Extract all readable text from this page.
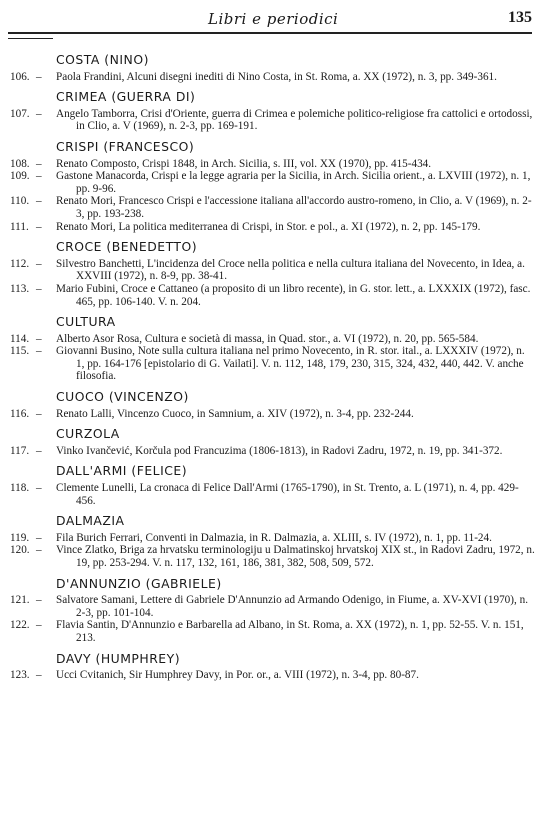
Libri e periodici	135
COSTA (NINO)
106. –	Paola Frandini, Alcuni disegni inediti di Nino Costa, in St. Roma, a. XX (1972), n. 3, pp. 349-361.
CRIMEA (GUERRA DI)
107. –	Angelo Tamborra, Crisi d'Oriente, guerra di Crimea e polemiche politico-religiose fra cattolici e ortodossi, in Clio, a. V (1969), n. 2-3, pp. 169-191.
CRISPI (FRANCESCO)
108. –	Renato Composto, Crispi 1848, in Arch. Sicilia, s. III, vol. XX (1970), pp. 415-434.
109. –	Gastone Manacorda, Crispi e la legge agraria per la Sicilia, in Arch. Sicilia orient., a. LXVIII (1972), n. 1, pp. 9-96.
110. –	Renato Mori, Francesco Crispi e l'accessione italiana all'accordo austro-romeno, in Clio, a. V (1969), n. 2-3, pp. 193-238.
111. –	Renato Mori, La politica mediterranea di Crispi, in Stor. e pol., a. XI (1972), n. 2, pp. 145-179.
CROCE (BENEDETTO)
112. –	Silvestro Banchetti, L'incidenza del Croce nella politica e nella cultura italiana del Novecento, in Idea, a. XXVIII (1972), n. 8-9, pp. 38-41.
113. –	Mario Fubini, Croce e Cattaneo (a proposito di un libro recente), in G. stor. lett., a. LXXXIX (1972), fasc. 465, pp. 106-140. V. n. 204.
CULTURA
114. –	Alberto Asor Rosa, Cultura e società di massa, in Quad. stor., a. VI (1972), n. 20, pp. 565-584.
115. –	Giovanni Busino, Note sulla cultura italiana nel primo Novecento, in R. stor. ital., a. LXXXIV (1972), n. 1, pp. 164-176 [epistolario di G. Vailati]. V. n. 112, 148, 179, 230, 315, 324, 432, 440, 442. V. anche filosofia.
CUOCO (VINCENZO)
116. –	Renato Lalli, Vincenzo Cuoco, in Samnium, a. XIV (1972), n. 3-4, pp. 232-244.
CURZOLA
117. –	Vinko Ivančević, Korčula pod Francuzima (1806-1813), in Radovi Zadru, 1972, n. 19, pp. 341-372.
DALL'ARMI (FELICE)
118. –	Clemente Lunelli, La cronaca di Felice Dall'Armi (1765-1790), in St. Trento, a. L (1971), n. 4, pp. 429-456.
DALMAZIA
119. –	Fila Burich Ferrari, Conventi in Dalmazia, in R. Dalmazia, a. XLIII, s. IV (1972), n. 1, pp. 11-24.
120. –	Vince Zlatko, Briga za hrvatsku terminologiju u Dalmatinskoj hrvatskoj XIX st., in Radovi Zadru, 1972, n. 19, pp. 253-294. V. n. 117, 132, 161, 186, 381, 382, 508, 509, 572.
D'ANNUNZIO (GABRIELE)
121. –	Salvatore Samani, Lettere di Gabriele D'Annunzio ad Armando Odenigo, in Fiume, a. XV-XVI (1970), n. 2-3, pp. 101-104.
122. –	Flavia Santin, D'Annunzio e Barbarella ad Albano, in St. Roma, a. XX (1972), n. 1, pp. 52-55. V. n. 151, 213.
DAVY (HUMPHREY)
123. –	Ucci Cvitanich, Sir Humphrey Davy, in Por. or., a. VIII (1972), n. 3-4, pp. 80-87.
